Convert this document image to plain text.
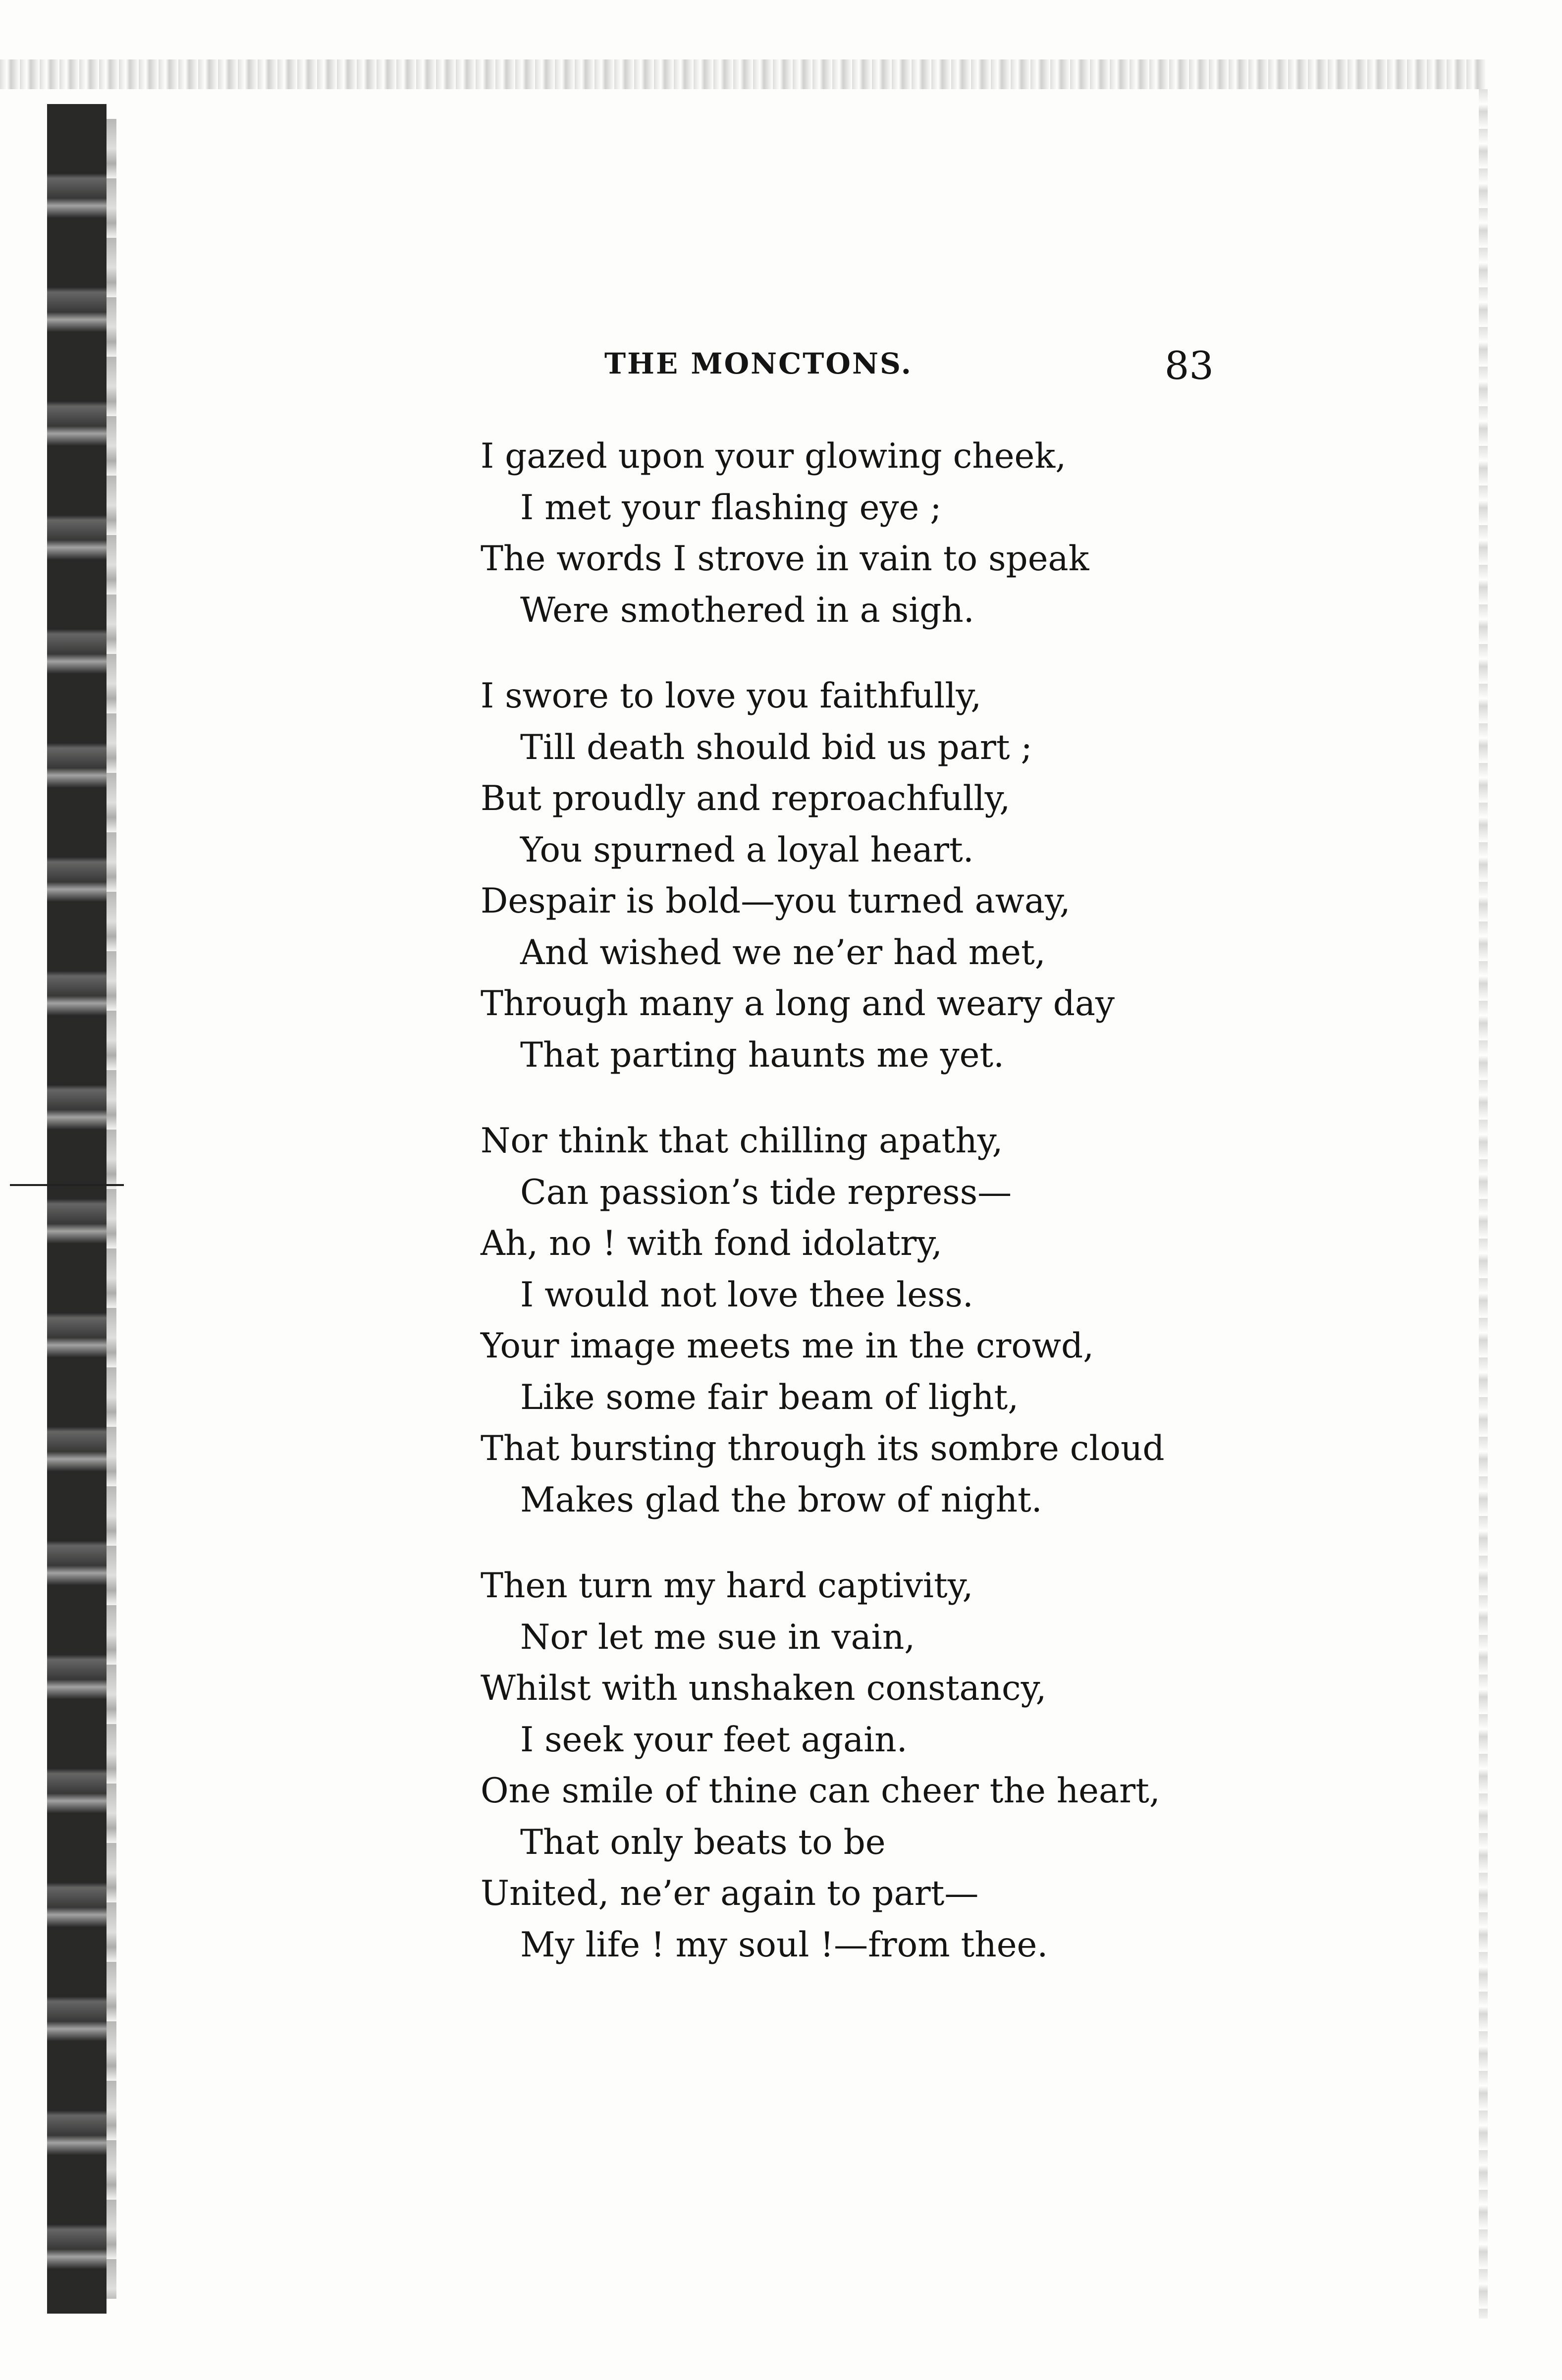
THE MONCTONS.	83
I gazed upon your glowing cheek,
I met your flashing eye ;
The words I strove in vain to speak
Were smothered in a sigh.
I swore to love you faithfully,
Till death should bid us part ;
But proudly and reproachfully,
You spurned a loyal heart.
Despair is bold—you turned away,
And wished we ne’er had met,
Through many a long and weary day
That parting haunts me yet.
Nor think that chilling apathy,
Can passion’s tide repress—
Ah, no ! with fond idolatry,
I would not love thee less.
Your image meets me in the crowd,
Like some fair beam of light,
That bursting through its sombre cloud
Makes glad the brow of night.
Then turn my hard captivity,
Nor let me sue in vain,
Whilst with unshaken constancy,
I seek your feet again.
One smile of thine can cheer the heart,
That only beats to be
United, ne’er again to part—
My life ! my soul !—from thee.
